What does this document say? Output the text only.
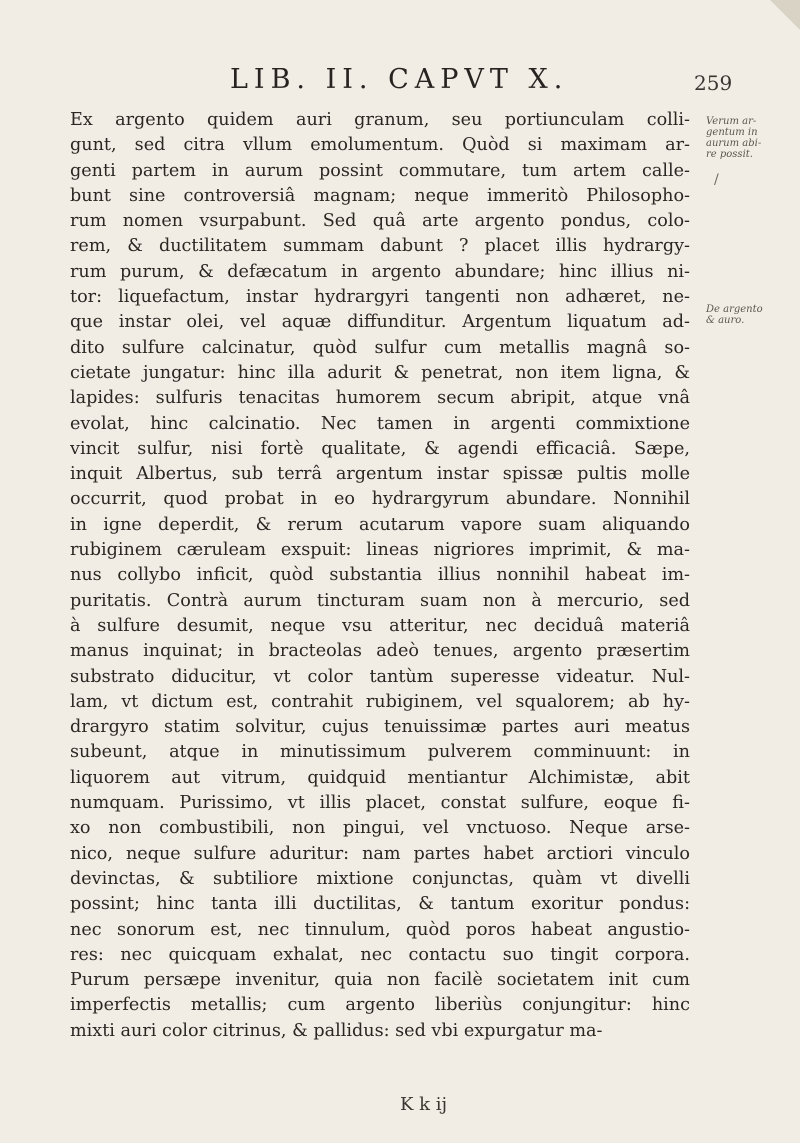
LIB. II. CAPVT X.	259
Ex argento quidem auri granum, seu portiunculam colli-
gunt, sed citra vllum emolumentum. Quòd si maximam ar-
genti partem in aurum possint commutare, tum artem calle-
bunt sine controversiâ magnam; neque immeritò Philosopho-
rum nomen vsurpabunt. Sed quâ arte argento pondus, colo-
rem, & ductilitatem summam dabunt ? placet illis hydrargy-
rum purum, & defæcatum in argento abundare; hinc illius ni-
tor: liquefactum, instar hydrargyri tangenti non adhæret, ne-
que instar olei, vel aquæ diffunditur. Argentum liquatum ad-
dito sulfure calcinatur, quòd sulfur cum metallis magnâ so-
cietate jungatur: hinc illa adurit & penetrat, non item ligna, &
lapides: sulfuris tenacitas humorem secum abripit, atque vnâ
evolat, hinc calcinatio. Nec tamen in argenti commixtione
vincit sulfur, nisi fortè qualitate, & agendi efficaciâ. Sæpe,
inquit Albertus, sub terrâ argentum instar spissæ pultis molle
occurrit, quod probat in eo hydrargyrum abundare. Nonnihil
in igne deperdit, & rerum acutarum vapore suam aliquando
rubiginem cæruleam exspuit: lineas nigriores imprimit, & ma-
nus collybo inficit, quòd substantia illius nonnihil habeat im-
puritatis. Contrà aurum tincturam suam non à mercurio, sed
à sulfure desumit, neque vsu atteritur, nec deciduâ materiâ
manus inquinat; in bracteolas adeò tenues, argento præsertim
substrato diducitur, vt color tantùm superesse videatur. Nul-
lam, vt dictum est, contrahit rubiginem, vel squalorem; ab hy-
drargyro statim solvitur, cujus tenuissimæ partes auri meatus
subeunt, atque in minutissimum pulverem comminuunt: in
liquorem aut vitrum, quidquid mentiantur Alchimistæ, abit
numquam. Purissimo, vt illis placet, constat sulfure, eoque fi-
xo non combustibili, non pingui, vel vnctuoso. Neque arse-
nico, neque sulfure aduritur: nam partes habet arctiori vinculo
devinctas, & subtiliore mixtione conjunctas, quàm vt divelli
possint; hinc tanta illi ductilitas, & tantum exoritur pondus:
nec sonorum est, nec tinnulum, quòd poros habeat angustio-
res: nec quicquam exhalat, nec contactu suo tingit corpora.
Purum persæpe invenitur, quia non facilè societatem init cum
imperfectis metallis; cum argento liberiùs conjungitur: hinc
mixti auri color citrinus, & pallidus: sed vbi expurgatur ma-
Verum ar-gentum in aurum abi-re possit.
/
De argento & auro.
K k ij
